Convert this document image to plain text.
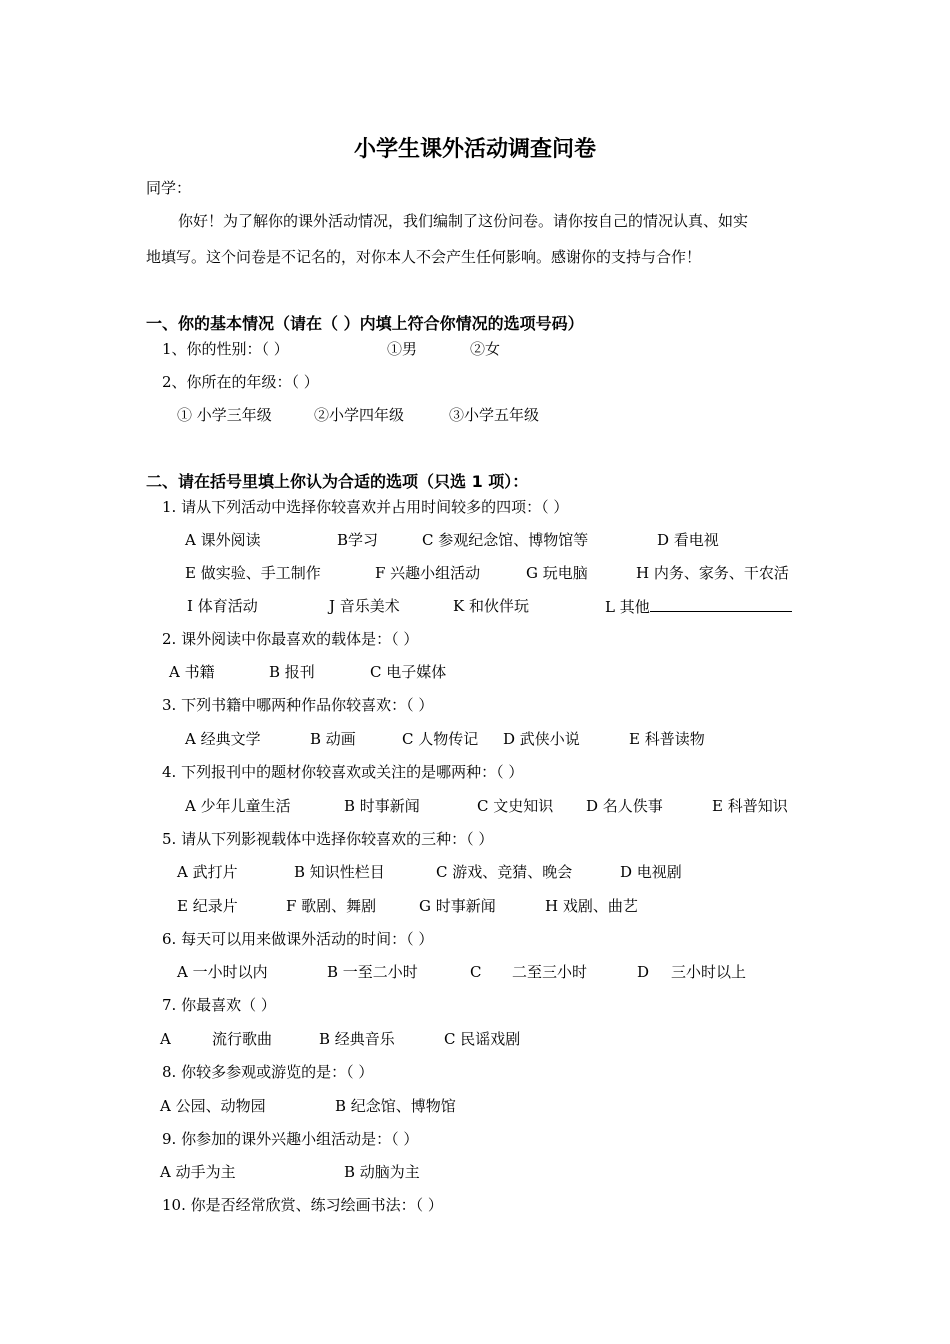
小学生课外活动调查问卷
同学：
你好！为了解你的课外活动情况，我们编制了这份问卷。请你按自己的情况认真、如实
地填写。这个问卷是不记名的，对你本人不会产生任何影响。感谢你的支持与合作！
一、你的基本情况（请在（ ）内填上符合你情况的选项号码）
1、你的性别：（ ）	①男	②女
2、你所在的年级：（ ）
① 小学三年级	②小学四年级	③小学五年级
二、请在括号里填上你认为合适的选项（只选 1 项）：
1. 请从下列活动中选择你较喜欢并占用时间较多的四项：（ ）
A 课外阅读	B学习	C 参观纪念馆、博物馆等	D 看电视
E 做实验、手工制作	F 兴趣小组活动	G 玩电脑	H 内务、家务、干农活
I 体育活动	J 音乐美术	K 和伙伴玩	L 其他
2. 课外阅读中你最喜欢的载体是：（ ）
A 书籍	B 报刊	C 电子媒体
3. 下列书籍中哪两种作品你较喜欢：（ ）
A 经典文学	B 动画	C 人物传记 D 武侠小说	E 科普读物
4. 下列报刊中的题材你较喜欢或关注的是哪两种：（ ）
A 少年儿童生活	B 时事新闻	C 文史知识 D 名人佚事	E 科普知识
5. 请从下列影视载体中选择你较喜欢的三种：（ ）
A 武打片	B 知识性栏目	C 游戏、竞猜、晚会	D 电视剧
E 纪录片	F 歌剧、舞剧	G 时事新闻	H 戏剧、曲艺
6. 每天可以用来做课外活动的时间：（ ）
A 一小时以内	B 一至二小时	C 二至三小时	D 三小时以上
7. 你最喜欢（ ）
A	流行歌曲	B 经典音乐	C 民谣戏剧
8. 你较多参观或游览的是：（ ）
A 公园、动物园	B 纪念馆、博物馆
9. 你参加的课外兴趣小组活动是：（ ）
A 动手为主	B 动脑为主
10. 你是否经常欣赏、练习绘画书法：（ ）
